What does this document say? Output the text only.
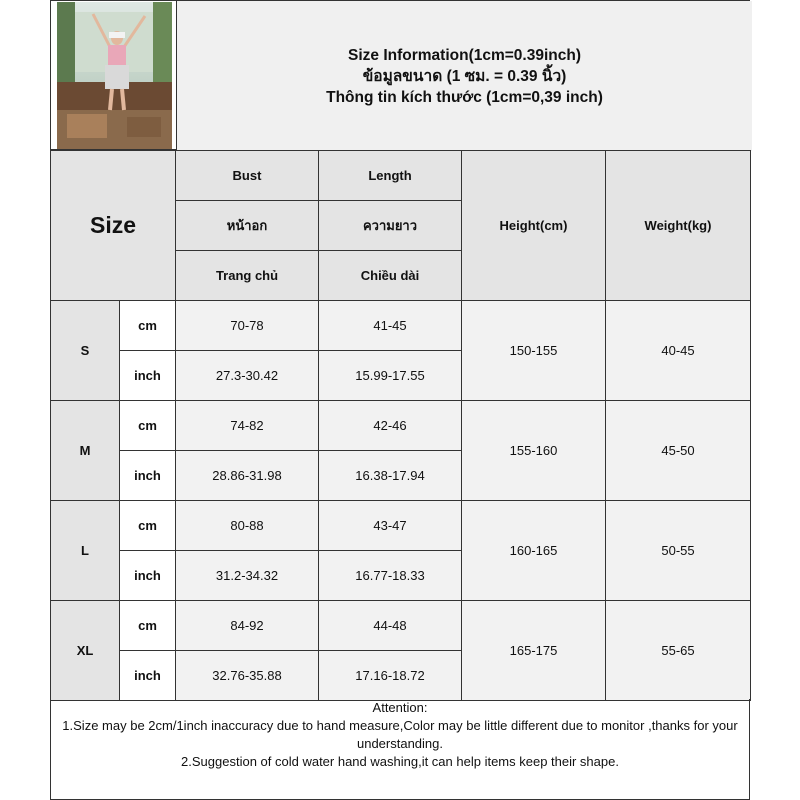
Size Information(1cm=0.39inch)
ข้อมูลขนาด (1 ซม. = 0.39 นิ้ว)
Thông tin kích thước (1cm=0,39 inch)
Size		Bust	Length	Height(cm)	Weight(kg)
		หน้าอก	ความยาว		
		Trang chủ	Chiều dài		
S	cm	70-78	41-45	150-155	40-45
	inch	27.3-30.42	15.99-17.55		
M	cm	74-82	42-46	155-160	45-50
	inch	28.86-31.98	16.38-17.94		
L	cm	80-88	43-47	160-165	50-55
	inch	31.2-34.32	16.77-18.33		
XL	cm	84-92	44-48	165-175	55-65
	inch	32.76-35.88	17.16-18.72		
Attention:
1.Size may be 2cm/1inch inaccuracy due to hand measure,Color may be little different due to monitor ,thanks for your understanding.
2.Suggestion of cold water hand washing,it can help items keep their shape.
